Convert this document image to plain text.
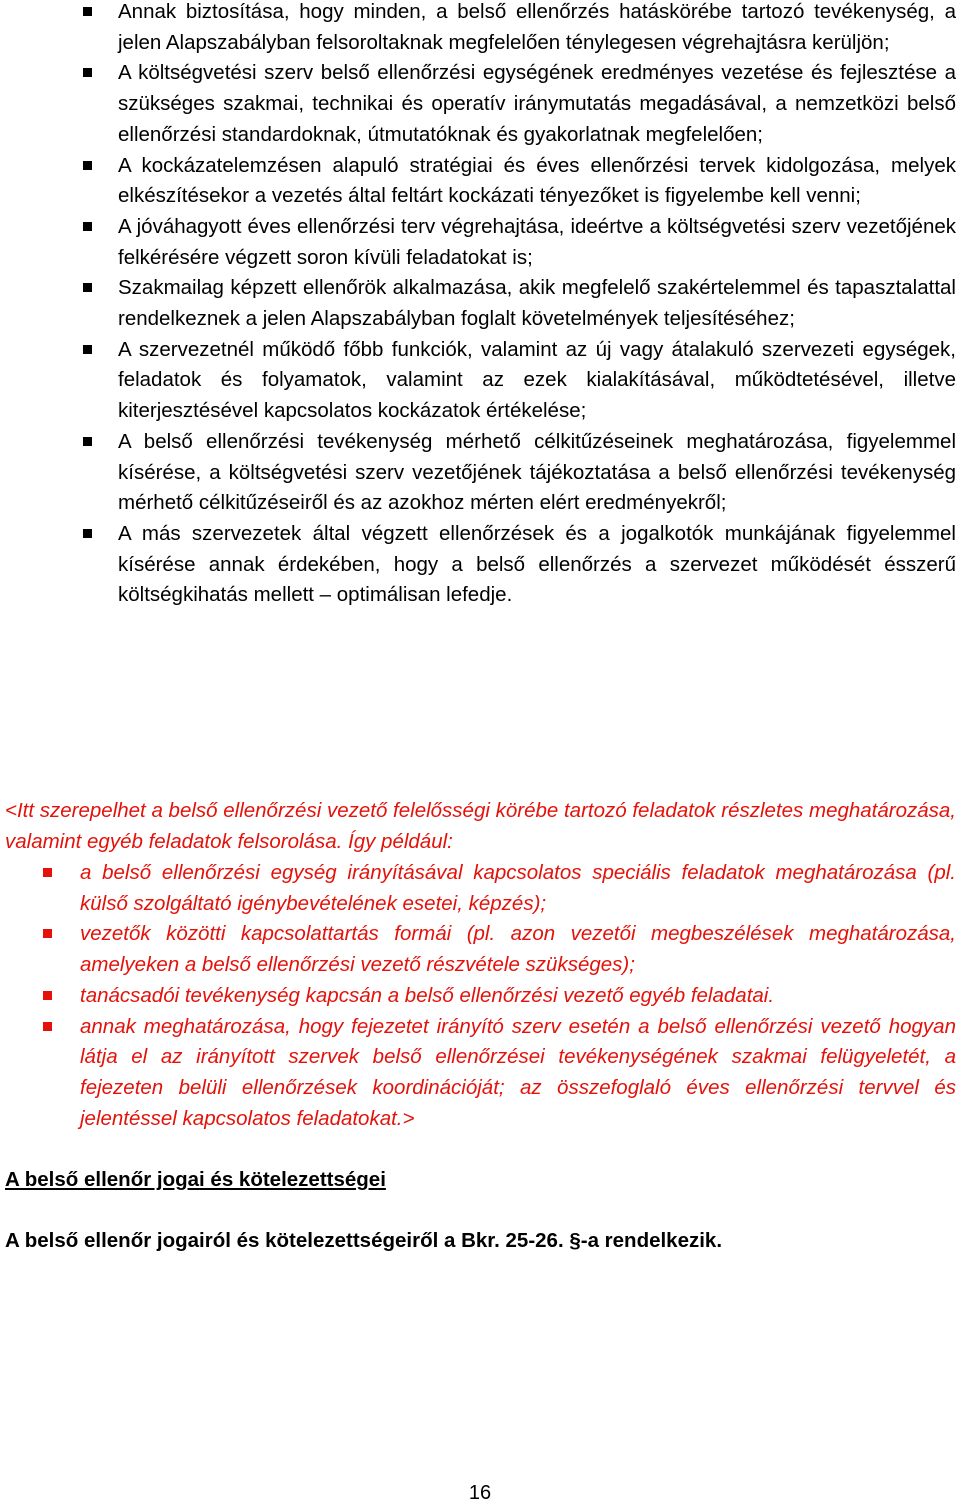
Annak biztosítása, hogy minden, a belső ellenőrzés hatáskörébe tartozó tevékenység, a jelen Alapszabályban felsoroltaknak megfelelően ténylegesen végrehajtásra kerüljön;
A költségvetési szerv belső ellenőrzési egységének eredményes vezetése és fejlesztése a szükséges szakmai, technikai és operatív iránymutatás megadásával, a nemzetközi belső ellenőrzési standardoknak, útmutatóknak és gyakorlatnak megfelelően;
A kockázatelemzésen alapuló stratégiai és éves ellenőrzési tervek kidolgozása, melyek elkészítésekor a vezetés által feltárt kockázati tényezőket is figyelembe kell venni;
A jóváhagyott éves ellenőrzési terv végrehajtása, ideértve a költségvetési szerv vezetőjének felkérésére végzett soron kívüli feladatokat is;
Szakmailag képzett ellenőrök alkalmazása, akik megfelelő szakértelemmel és tapasztalattal rendelkeznek a jelen Alapszabályban foglalt követelmények teljesítéséhez;
A szervezetnél működő főbb funkciók, valamint az új vagy átalakuló szervezeti egységek, feladatok és folyamatok, valamint az ezek kialakításával, működtetésével, illetve kiterjesztésével kapcsolatos kockázatok értékelése;
A belső ellenőrzési tevékenység mérhető célkitűzéseinek meghatározása, figyelemmel kísérése, a költségvetési szerv vezetőjének tájékoztatása a belső ellenőrzési tevékenység mérhető célkitűzéseiről és az azokhoz mérten elért eredményekről;
A más szervezetek által végzett ellenőrzések és a jogalkotók munkájának figyelemmel kísérése annak érdekében, hogy a belső ellenőrzés a szervezet működését ésszerű költségkihatás mellett – optimálisan lefedje.

<Itt szerepelhet a belső ellenőrzési vezető felelősségi körébe tartozó feladatok részletes meghatározása, valamint egyéb feladatok felsorolása. Így például:

a belső ellenőrzési egység irányításával kapcsolatos speciális feladatok meghatározása (pl. külső szolgáltató igénybevételének esetei, képzés);
vezetők közötti kapcsolattartás formái (pl. azon vezetői megbeszélések meghatározása, amelyeken a belső ellenőrzési vezető részvétele szükséges);
tanácsadói tevékenység kapcsán a belső ellenőrzési vezető egyéb feladatai.
annak meghatározása, hogy fejezetet irányító szerv esetén a belső ellenőrzési vezető hogyan látja el az irányított szervek belső ellenőrzései tevékenységének szakmai felügyeletét, a fejezeten belüli ellenőrzések koordinációját; az összefoglaló éves ellenőrzési tervvel és jelentéssel kapcsolatos feladatokat.>

A belső ellenőr jogai és kötelezettségei

A belső ellenőr jogairól és kötelezettségeiről a Bkr. 25-26. §-a rendelkezik.

16
